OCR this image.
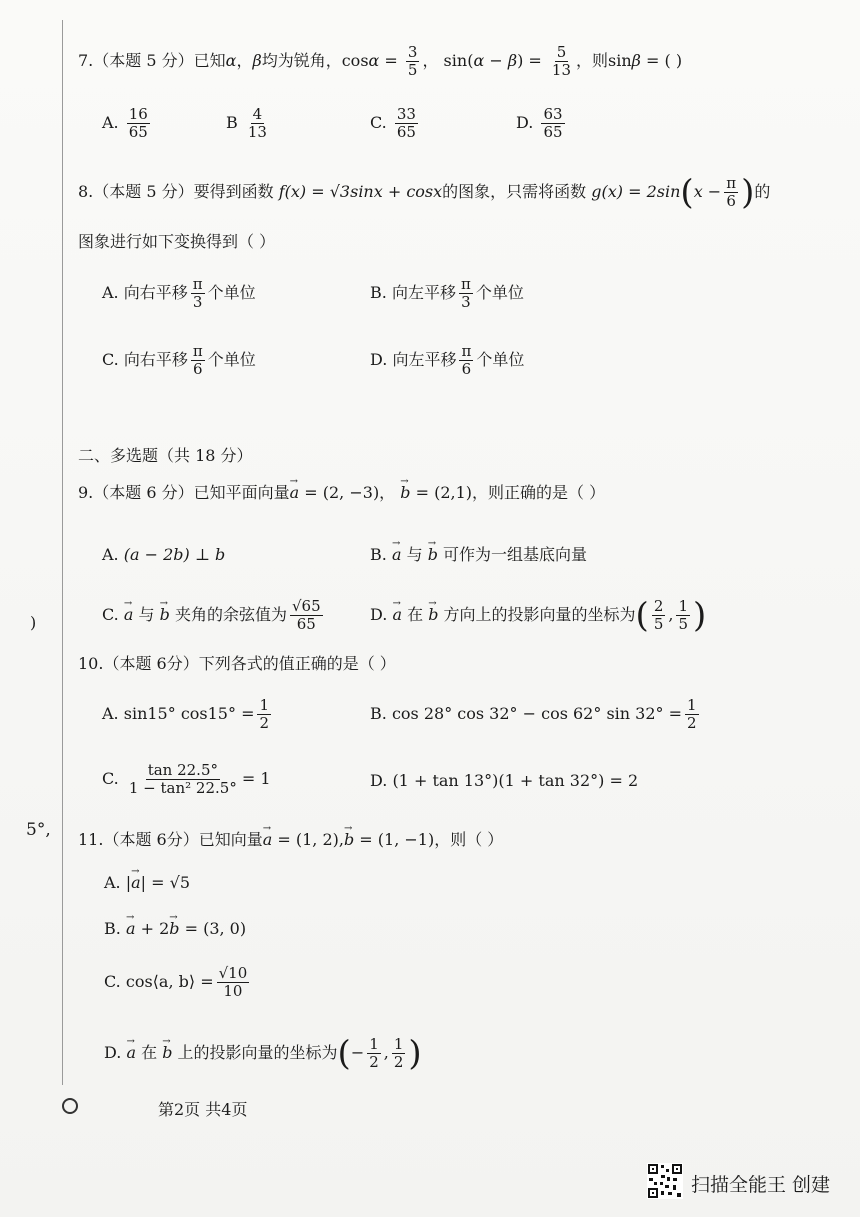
)
5°,
7.（本题 5 分）已知α，β均为锐角，$\cos\alpha = \frac{3}{5}$ ， $\sin(\alpha - \beta) = \frac{5}{13}$ ，则sinβ = ( )
A. $\frac{16}{65}$	B $\frac{4}{13}$	C. $\frac{33}{65}$	D. $\frac{63}{65}$
8.（本题 5 分）要得到函数 f(x) = √3sinx + cosx的图象，只需将函数 $g(x) = 2\sin(x - \frac{\pi}{6}$ )的
图象进行如下变换得到（ ）
A. 向右平移 $\frac{\pi}{3}$ 个单位	B. 向左平移 $\frac{\pi}{3}$ 个单位
C. 向右平移 $\frac{\pi}{6}$ 个单位	D. 向左平移 $\frac{\pi}{6}$ 个单位
二、多选题（共 18 分）
9.（本题 6 分）已知平面向量→ a = (2, −3)， → b = (2,1)，则正确的是（ ）
A. (a − 2b) ⊥ b	B. → a 与 → b 可作为一组基底向量
C. → a 与 → b 夹角的余弦值为 $\frac{√65}{65}$	D. → a 在 → b 方向上的投影向量的坐标为( $\frac{2}{5}$ , $\frac{1}{5}$ )
10.（本题 6分）下列各式的值正确的是（ ）
A. sin15° $\cos 15^\circ = \frac{1}{2}$	B. cos 28° cos 32° − cos 62° $\sin 32^\circ = \frac{1}{2}$
C. $\frac{\tan 22.5^\circ}{\text{1 − tan² 22.5°}} = 1$	D. (1 + tan 13°)(1 + tan 32°) = 2
11.（本题 6分）已知向量→ a = (1, 2),→ b = (1, −1)，则（ ）
A. |→ a| = √5
B. → a + 2→ b = (3, 0)
C. cos⟨a, b⟩ = $\frac{√10}{10}$
D. → a 在 → b 上的投影向量的坐标为(− $\frac{1}{2}$ , $\frac{1}{2}$ )
第2页 共4页
扫描全能王 创建
